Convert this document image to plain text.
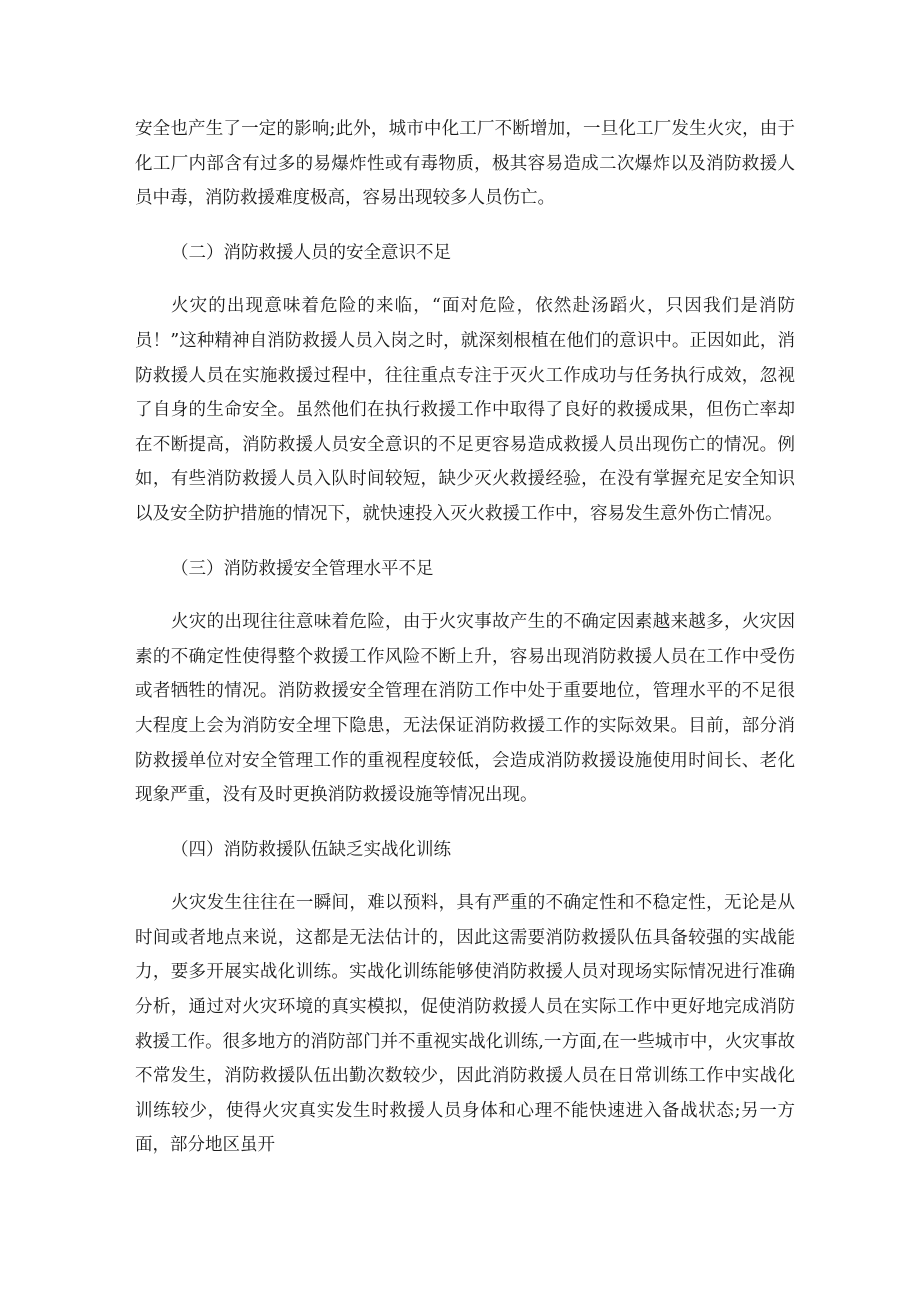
安全也产生了一定的影响;此外，城市中化工厂不断增加，一旦化工厂发生火灾，由于化工厂内部含有过多的易爆炸性或有毒物质，极其容易造成二次爆炸以及消防救援人员中毒，消防救援难度极高，容易出现较多人员伤亡。

（二）消防救援人员的安全意识不足

火灾的出现意味着危险的来临，“面对危险，依然赴汤蹈火，只因我们是消防员！”这种精神自消防救援人员入岗之时，就深刻根植在他们的意识中。正因如此，消防救援人员在实施救援过程中，往往重点专注于灭火工作成功与任务执行成效，忽视了自身的生命安全。虽然他们在执行救援工作中取得了良好的救援成果，但伤亡率却在不断提高，消防救援人员安全意识的不足更容易造成救援人员出现伤亡的情况。例如，有些消防救援人员入队时间较短，缺少灭火救援经验，在没有掌握充足安全知识以及安全防护措施的情况下，就快速投入灭火救援工作中，容易发生意外伤亡情况。

（三）消防救援安全管理水平不足

火灾的出现往往意味着危险，由于火灾事故产生的不确定因素越来越多，火灾因素的不确定性使得整个救援工作风险不断上升，容易出现消防救援人员在工作中受伤或者牺牲的情况。消防救援安全管理在消防工作中处于重要地位，管理水平的不足很大程度上会为消防安全埋下隐患，无法保证消防救援工作的实际效果。目前，部分消防救援单位对安全管理工作的重视程度较低，会造成消防救援设施使用时间长、老化现象严重，没有及时更换消防救援设施等情况出现。

（四）消防救援队伍缺乏实战化训练

火灾发生往往在一瞬间，难以预料，具有严重的不确定性和不稳定性，无论是从时间或者地点来说，这都是无法估计的，因此这需要消防救援队伍具备较强的实战能力，要多开展实战化训练。实战化训练能够使消防救援人员对现场实际情况进行准确分析，通过对火灾环境的真实模拟，促使消防救援人员在实际工作中更好地完成消防救援工作。很多地方的消防部门并不重视实战化训练,一方面,在一些城市中，火灾事故不常发生，消防救援队伍出勤次数较少，因此消防救援人员在日常训练工作中实战化训练较少，使得火灾真实发生时救援人员身体和心理不能快速进入备战状态;另一方面，部分地区虽开
